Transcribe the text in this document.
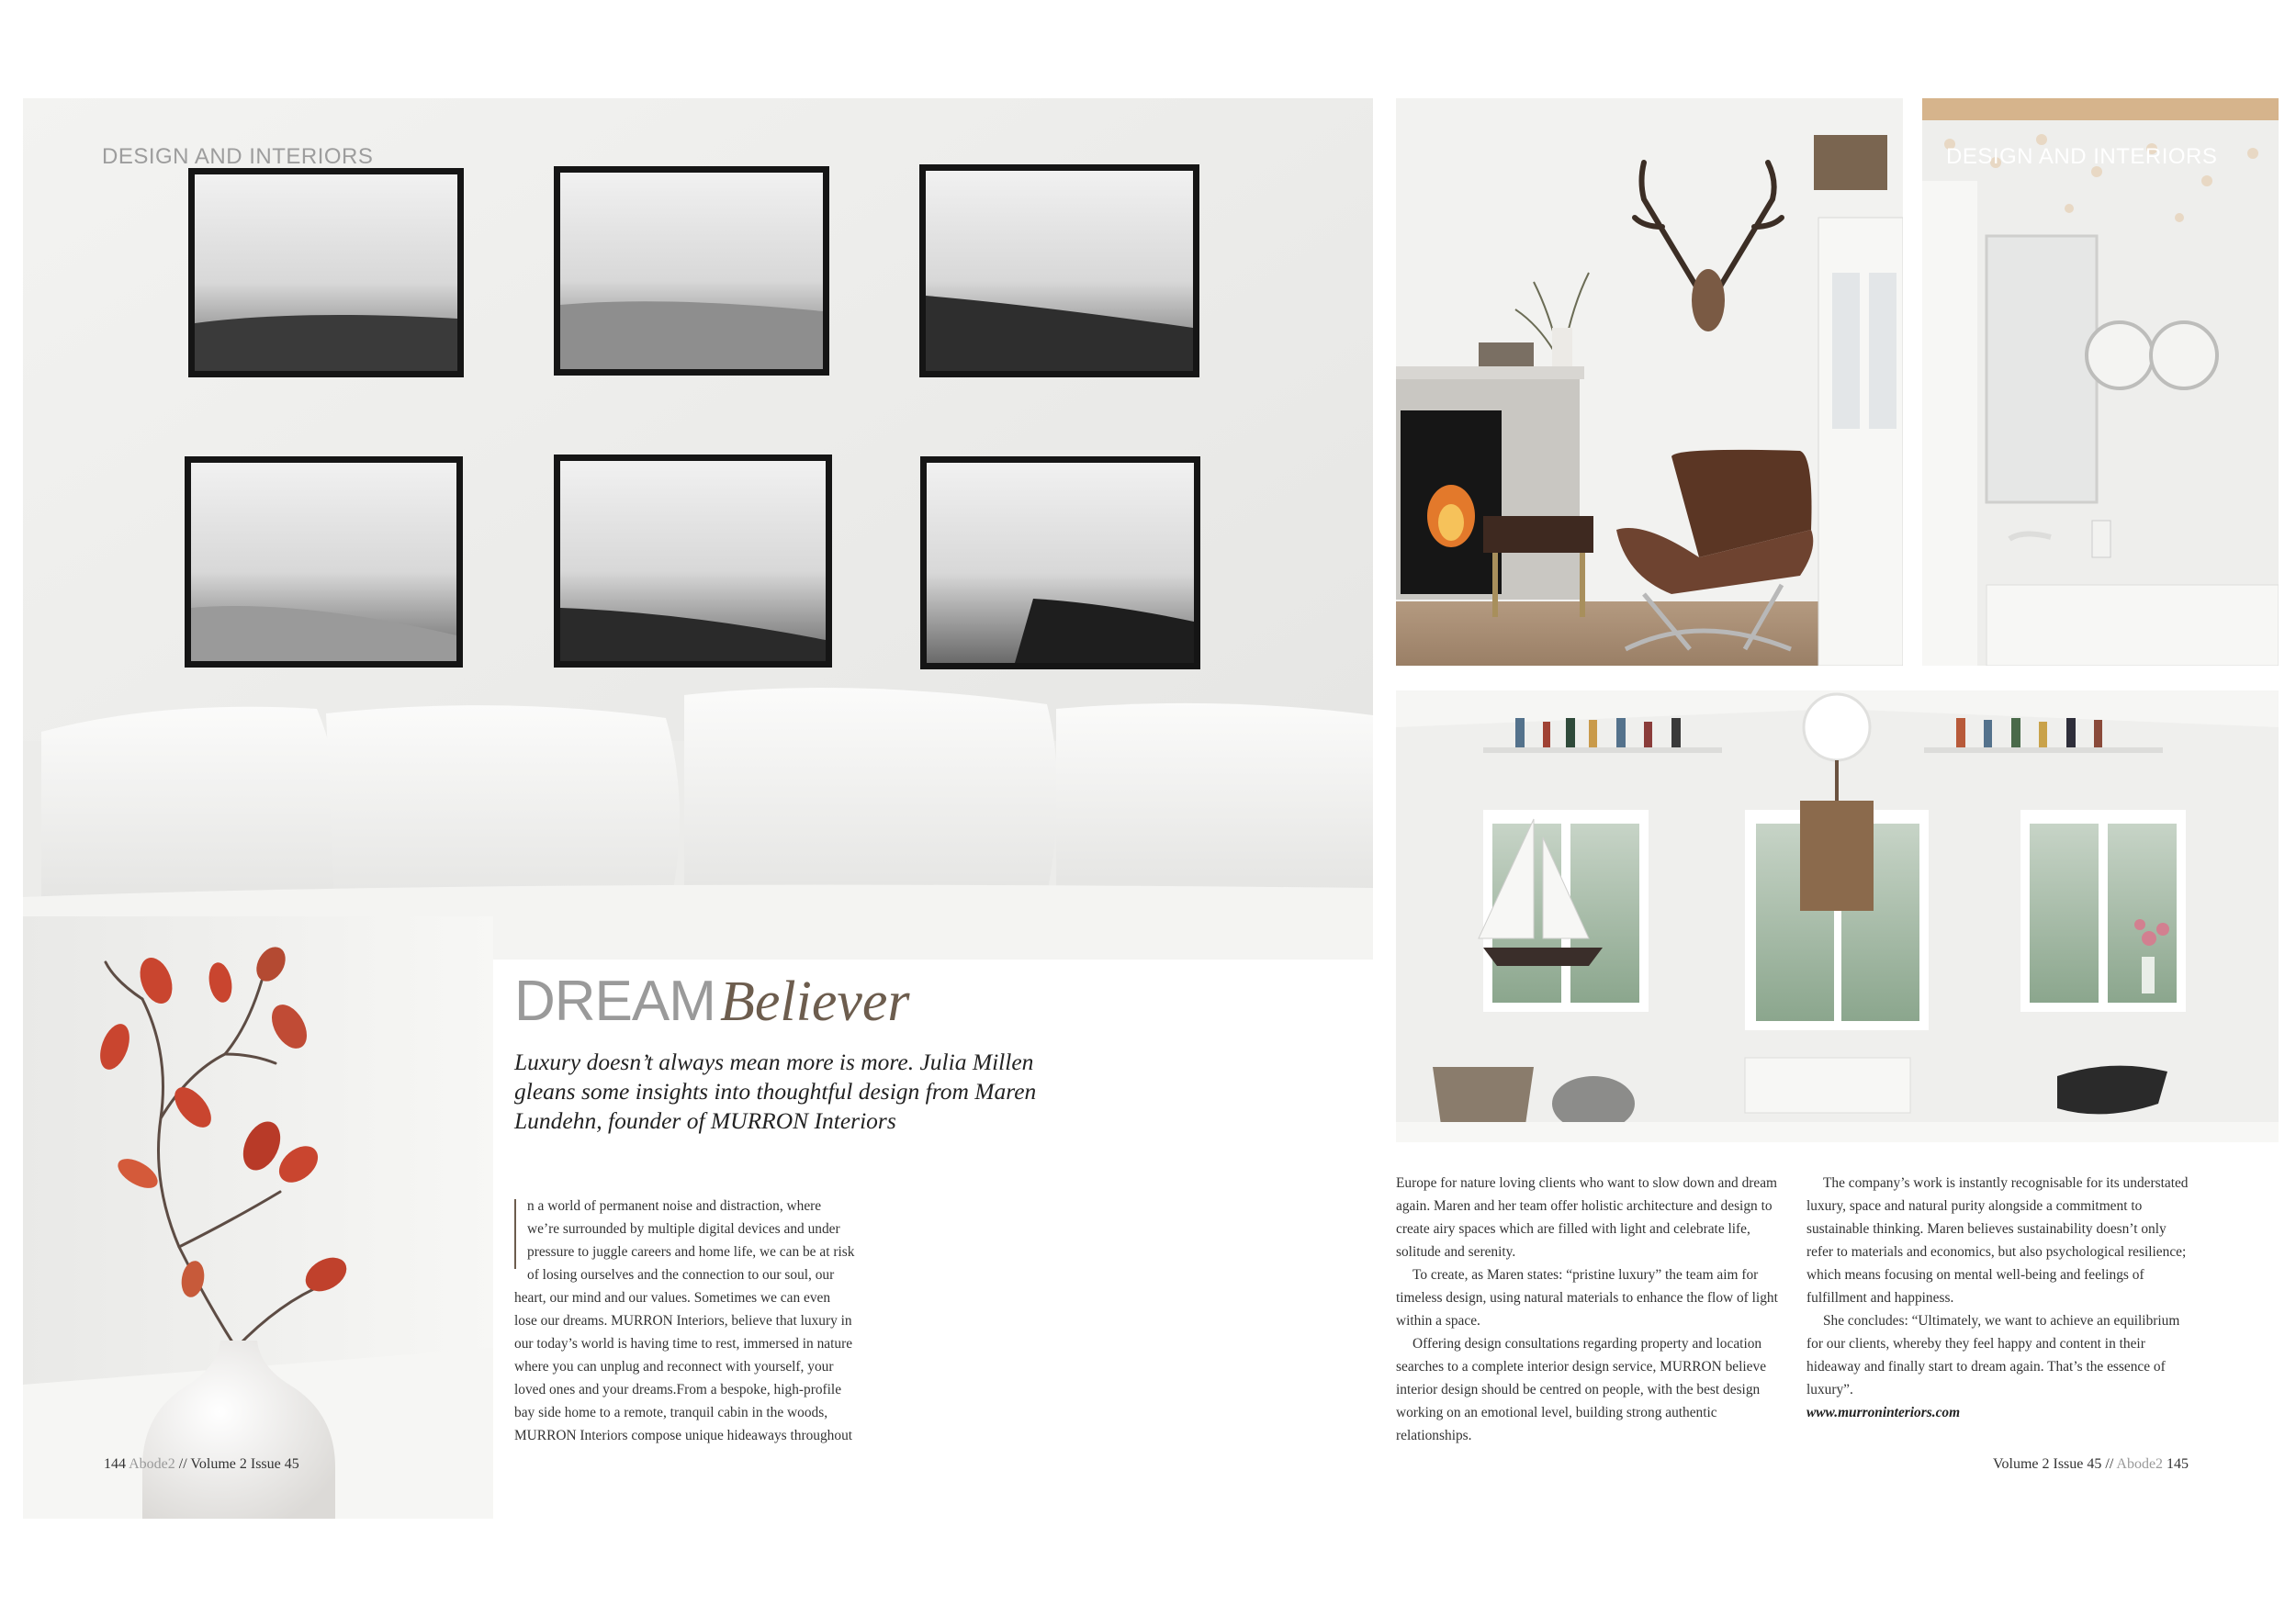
DESIGN AND INTERIORS
144 Abode2 // Volume 2 Issue 45
DREAM Believer
Luxury doesn’t always mean more is more. Julia Millen gleans some insights into thoughtful design from Maren Lundehn, founder of MURRON Interiors
n a world of permanent noise and distraction, where
we’re surrounded by multiple digital devices and under
pressure to juggle careers and home life, we can be at risk
of losing ourselves and the connection to our soul, our
heart, our mind and our values. Sometimes we can even
lose our dreams. MURRON Interiors, believe that luxury in
our today’s world is having time to rest, immersed in nature
where you can unplug and reconnect with yourself, your
loved ones and your dreams.From a bespoke, high-profile
bay side home to a remote, tranquil cabin in the woods,
MURRON Interiors compose unique hideaways throughout
DESIGN AND INTERIORS

Europe for nature loving clients who want to slow down and dream again. Maren and her team offer holistic architecture and design to create airy spaces which are filled with light and celebrate life, solitude and serenity.

To create, as Maren states: “pristine luxury” the team aim for timeless design, using natural materials to enhance the flow of light within a space.

Offering design consultations regarding property and location searches to a complete interior design service, MURRON believe interior design should be centred on people, with the best design working on an emotional level, building strong authentic relationships.

The company’s work is instantly recognisable for its understated luxury, space and natural purity alongside a commitment to sustainable thinking. Maren believes sustainability doesn’t only refer to materials and economics, but also psychological resilience; which means focusing on mental well-being and feelings of fulfillment and happiness.

She concludes: “Ultimately, we want to achieve an equilibrium for our clients, whereby they feel happy and content in their hideaway and finally start to dream again. That’s the essence of luxury”.

www.murroninteriors.com

Volume 2 Issue 45 // Abode2 145
